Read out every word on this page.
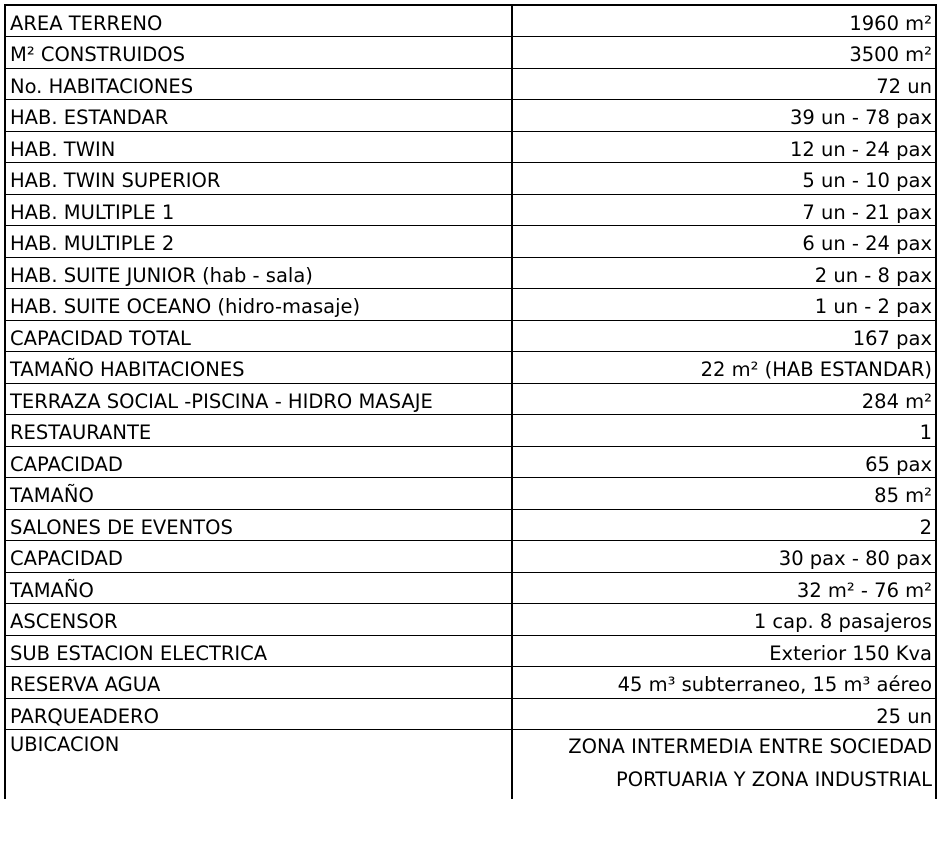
AREA TERRENO	1960 m²
M² CONSTRUIDOS	3500 m²
No. HABITACIONES	72 un
HAB. ESTANDAR	39 un - 78 pax
HAB. TWIN	12 un - 24 pax
HAB. TWIN SUPERIOR	5 un - 10 pax
HAB. MULTIPLE 1	7 un - 21 pax
HAB. MULTIPLE 2	6 un - 24 pax
HAB. SUITE JUNIOR (hab - sala)	2 un - 8 pax
HAB. SUITE OCEANO (hidro-masaje)	1 un - 2 pax
CAPACIDAD TOTAL	167 pax
TAMAÑO HABITACIONES	22 m² (HAB ESTANDAR)
TERRAZA SOCIAL -PISCINA - HIDRO MASAJE	284 m²
RESTAURANTE	1
CAPACIDAD	65 pax
TAMAÑO	85 m²
SALONES DE EVENTOS	2
CAPACIDAD	30 pax - 80 pax
TAMAÑO	32 m² - 76 m²
ASCENSOR	1 cap. 8 pasajeros
SUB ESTACION ELECTRICA	Exterior 150 Kva
RESERVA AGUA	45 m³ subterraneo, 15 m³ aéreo
PARQUEADERO	25 un
UBICACION	ZONA INTERMEDIA ENTRE SOCIEDAD
PORTUARIA Y ZONA INDUSTRIAL
